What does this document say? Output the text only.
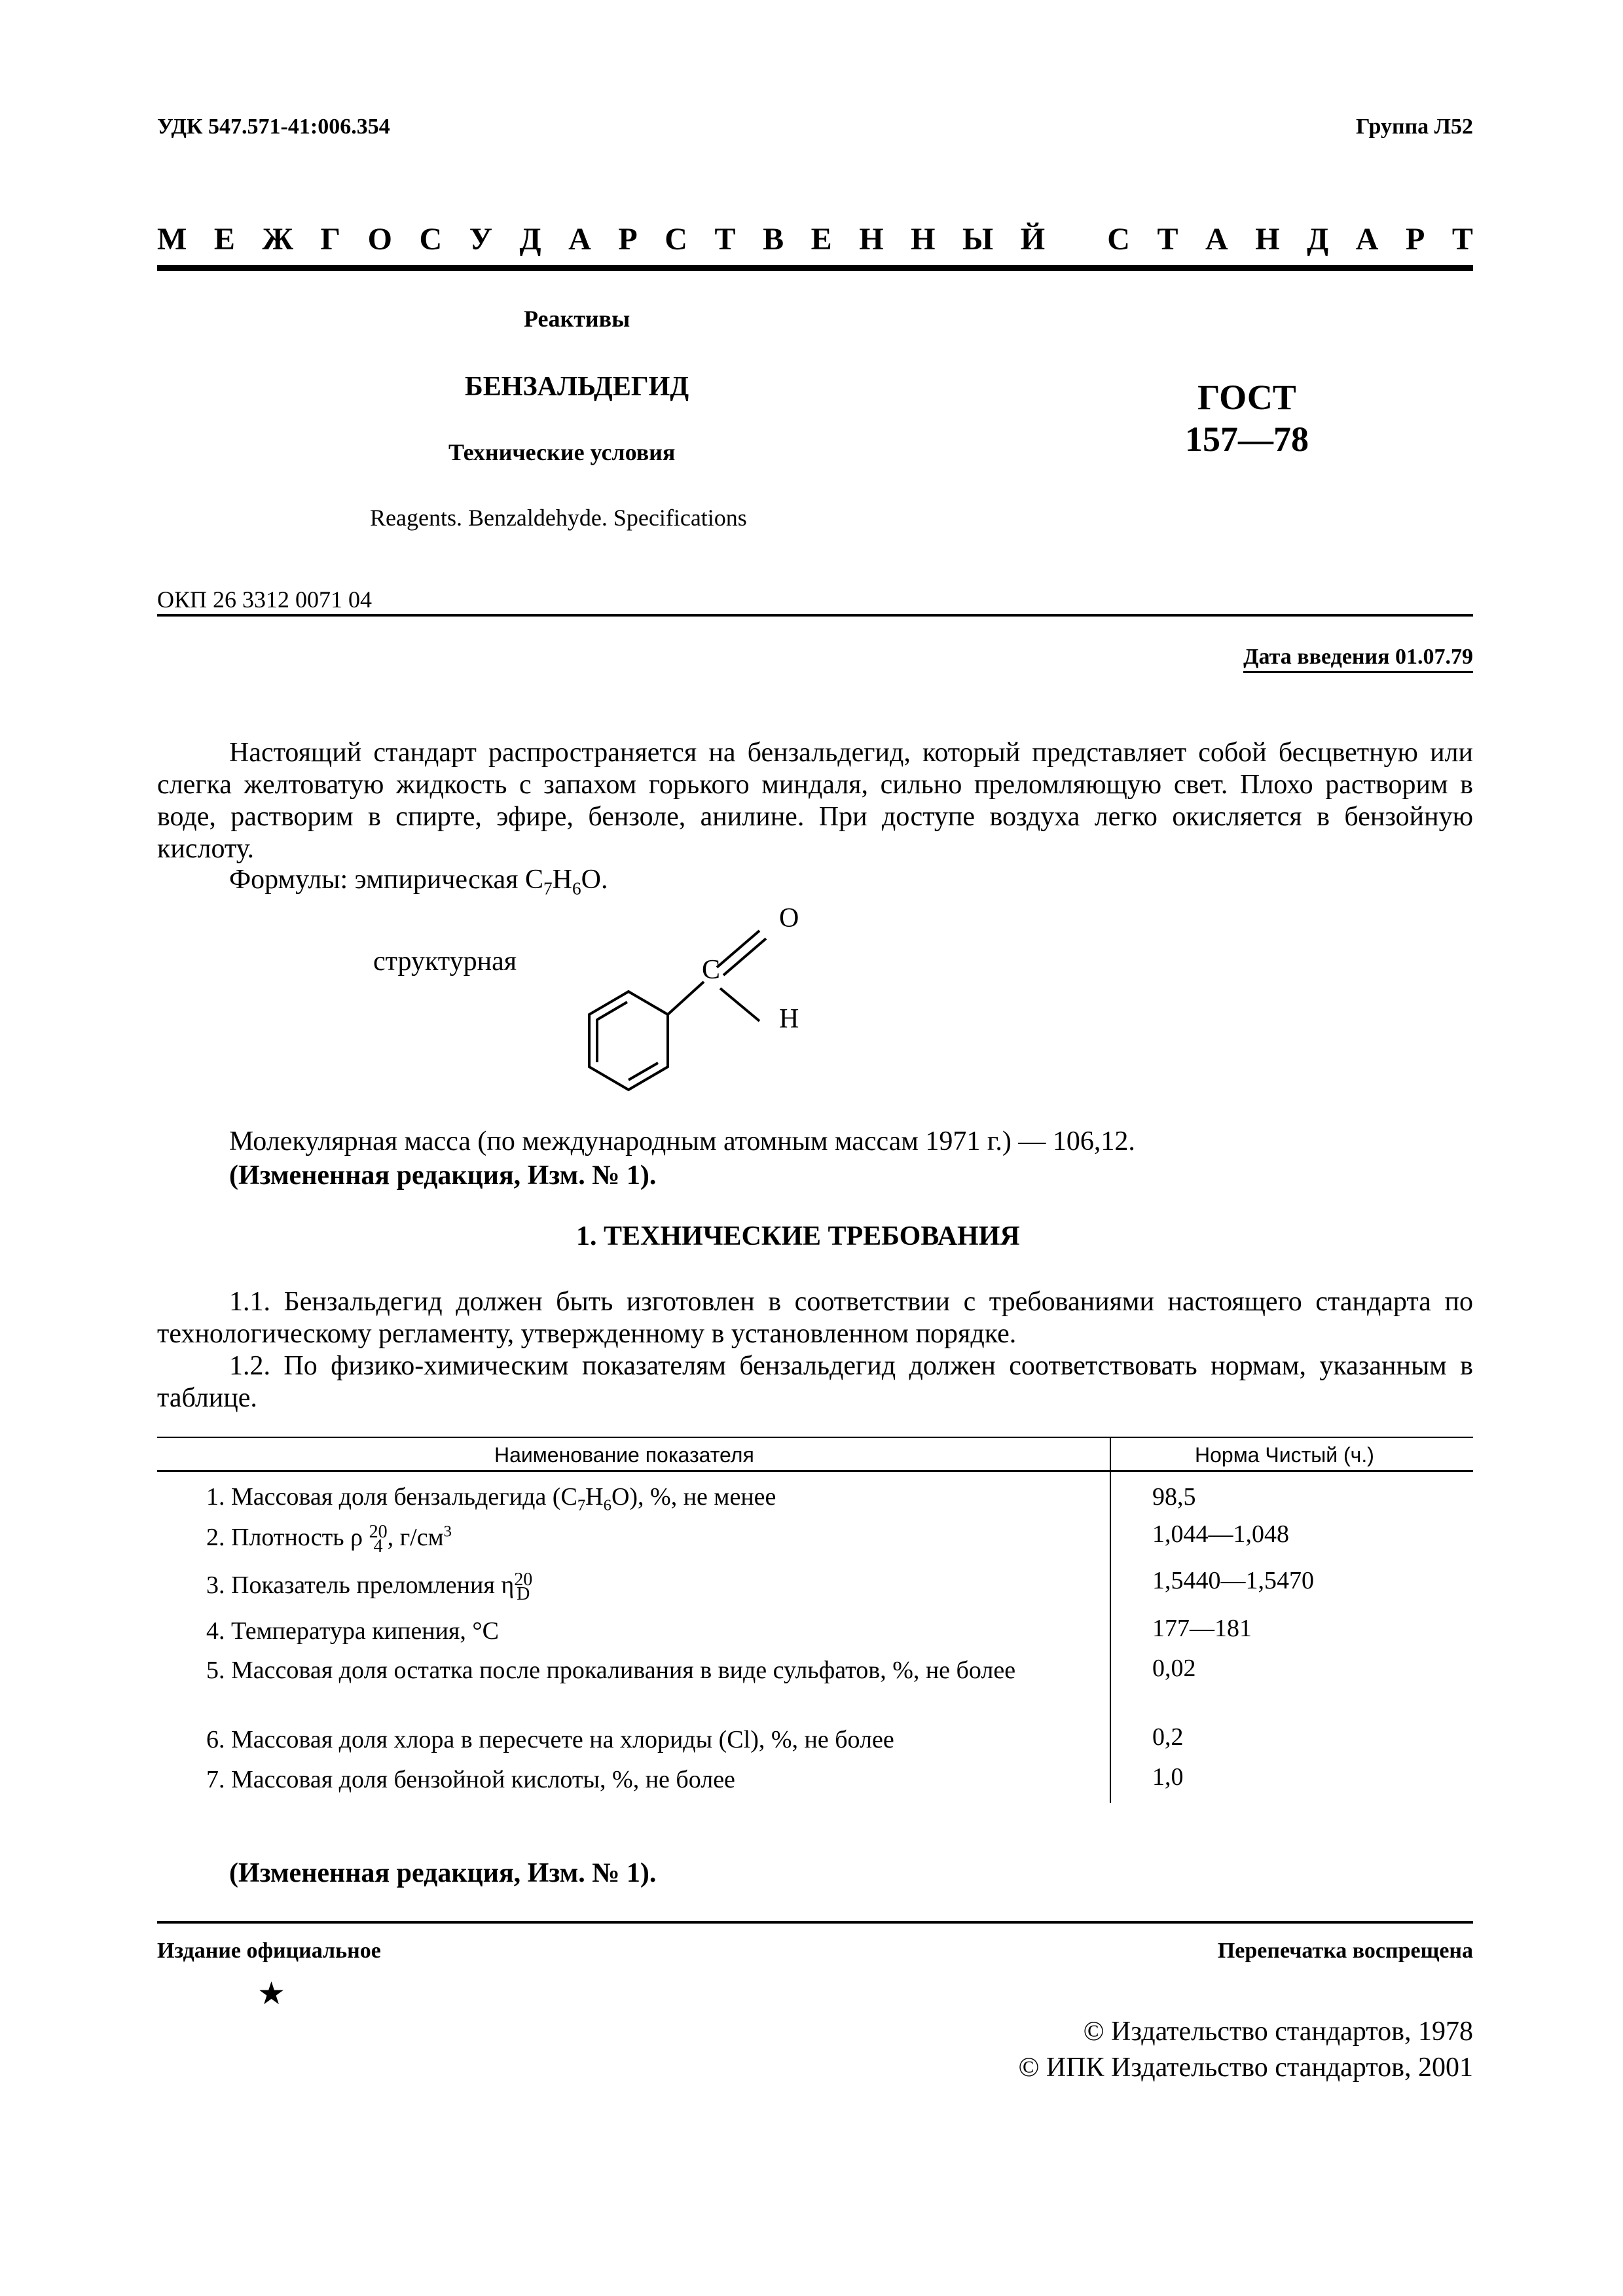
УДК 547.571-41:006.354	Группа Л52
М Е Ж Г О С У Д А Р С Т В Е Н Н Ы Й
С Т А Н Д А Р Т
Реактивы
БЕНЗАЛЬДЕГИД
Технические условия
Reagents. Benzaldehyde. Specifications
ГОСТ
157—78
ОКП 26 3312 0071 04
Дата введения 01.07.79

Настоящий стандарт распространяется на бензальдегид, который представляет собой бесцветную или слегка желтоватую жидкость с запахом горького миндаля, сильно преломляющую свет. Плохо растворим в воде, растворим в спирте, эфире, бензоле, анилине. При доступе воздуха легко окисляется в бензойную кислоту.

Формулы: эмпирическая $C_7H_6O$.
структурная	C
O
H
Молекулярная масса (по международным атомным массам 1971 г.) — 106,12.
(Измененная редакция, Изм. № 1).
1. ТЕХНИЧЕСКИЕ ТРЕБОВАНИЯ

1.1. Бензальдегид должен быть изготовлен в соответствии с требованиями настоящего стандарта по технологическому регламенту, утвержденному в установленном порядке.

1.2. По физико-химическим показателям бензальдегид должен соответствовать нормам, указанным в таблице.

Наименование показателя	Норма Чистый (ч.)
1. Массовая доля бензальдегида $(C_7H_6O)$, %, не менее	98,5
2. Плотность ρ 20
4 , $г/см^3$	1,044—1,048
3. Показатель преломления η 20
D	1,5440—1,5470
4. Температура кипения, °C	177—181
5. Массовая доля остатка после прокаливания в виде сульфатов, %, не более	0,02
6. Массовая доля хлора в пересчете на хлориды (Cl), %, не более	0,2
7. Массовая доля бензойной кислоты, %, не более	1,0
(Измененная редакция, Изм. № 1).
Издание официальное	Перепечатка воспрещена
★
© Издательство стандартов, 1978
© ИПК Издательство стандартов, 2001
